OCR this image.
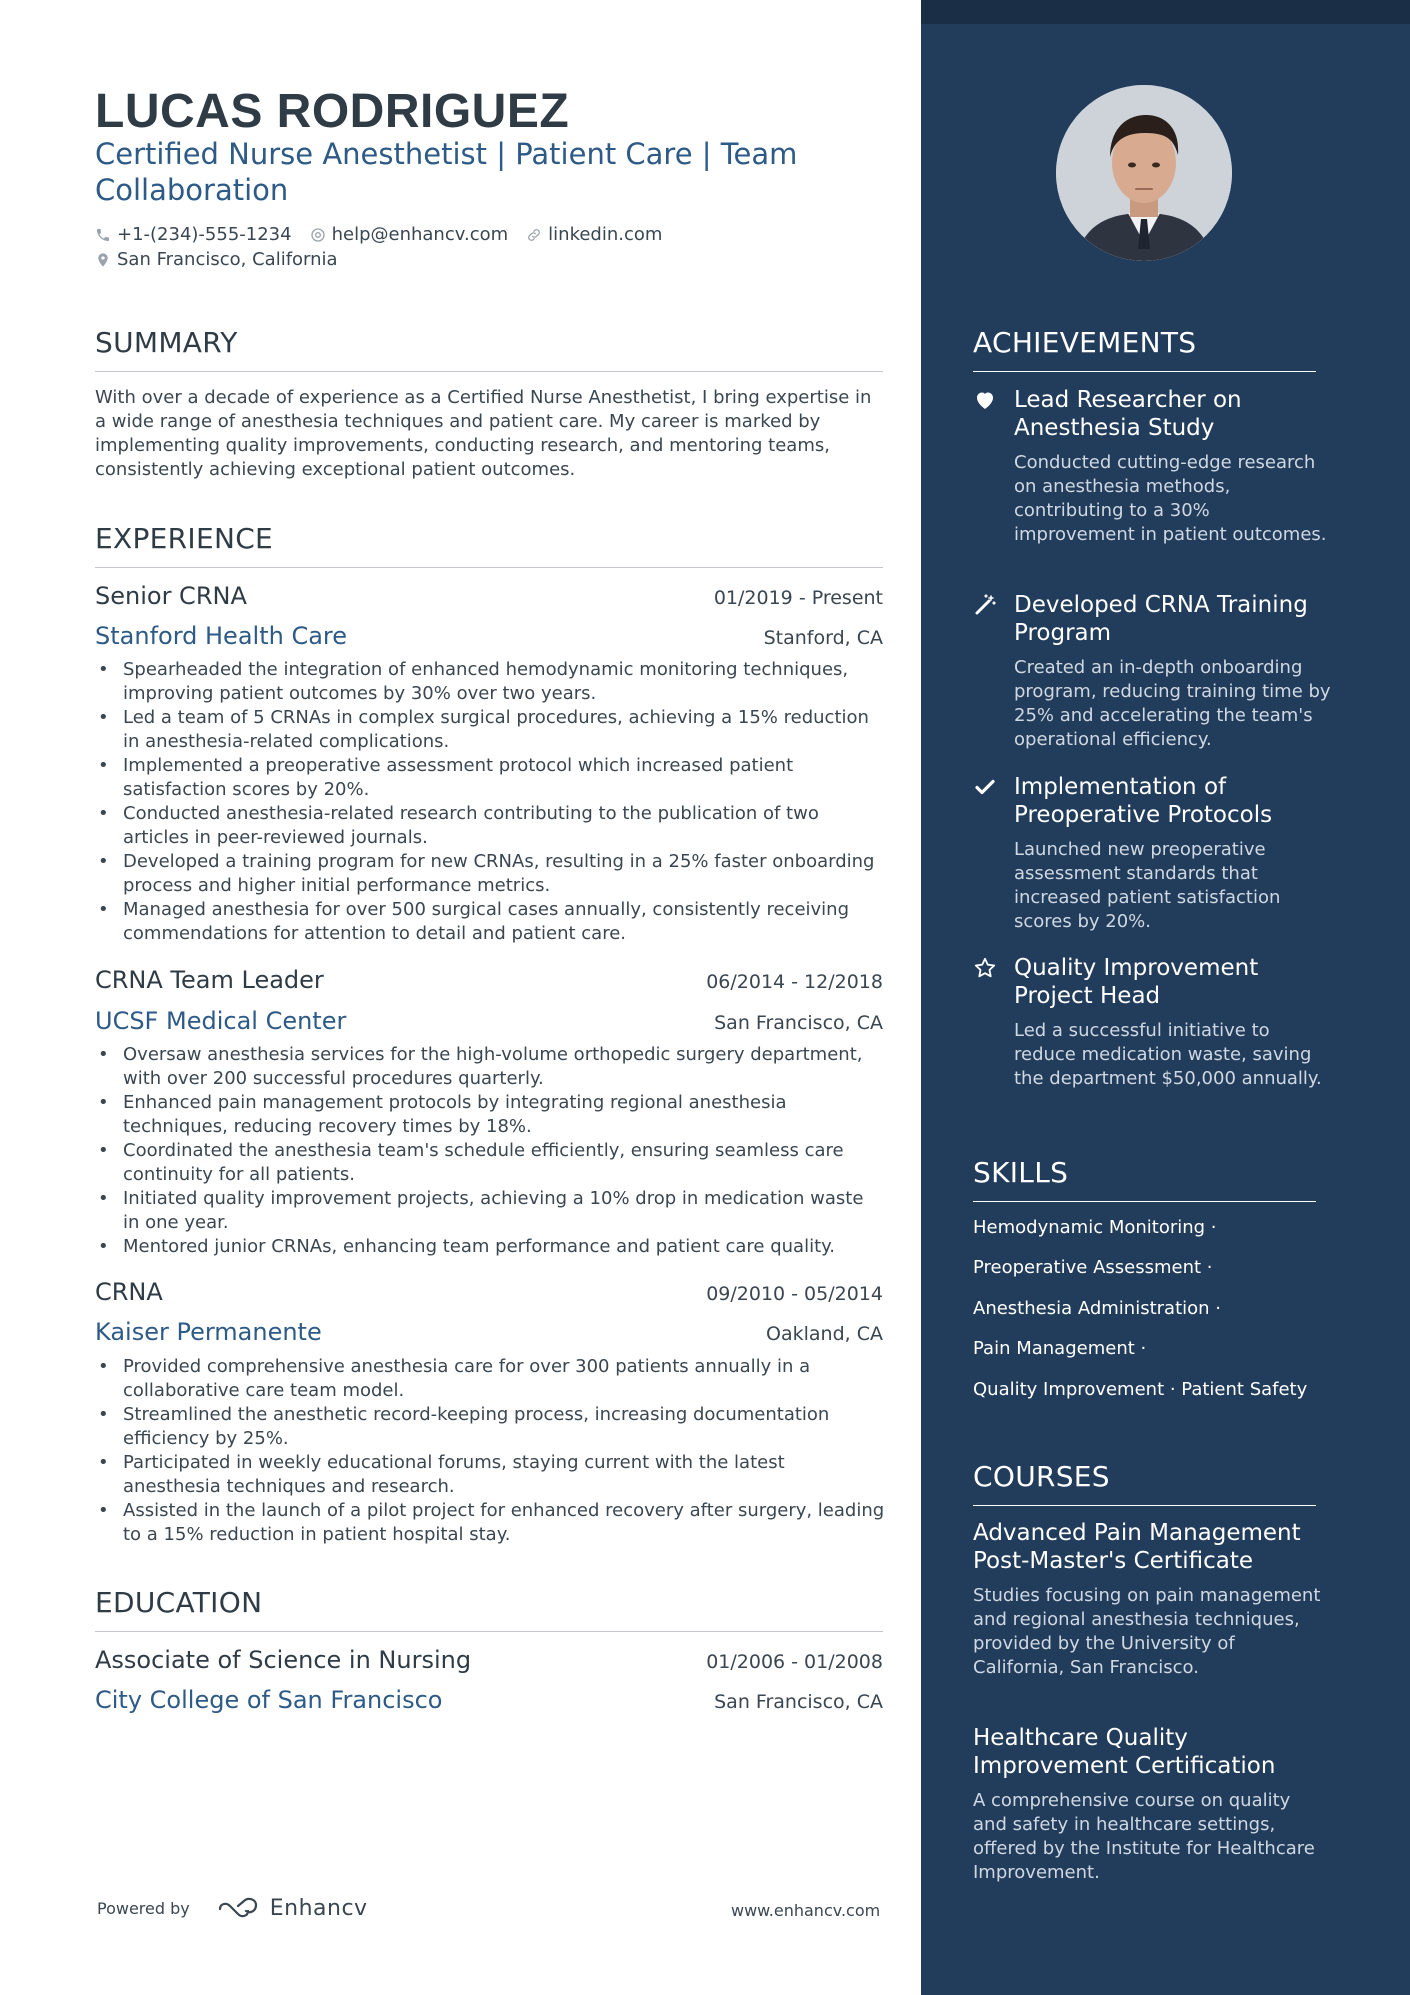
LUCAS RODRIGUEZ
Certified Nurse Anesthetist | Patient Care | Team Collaboration
+1-(234)-555-1234 help@enhancv.com linkedin.com
San Francisco, California
SUMMARY
With over a decade of experience as a Certified Nurse Anesthetist, I bring expertise in a wide range of anesthesia techniques and patient care. My career is marked by implementing quality improvements, conducting research, and mentoring teams, consistently achieving exceptional patient outcomes.
EXPERIENCE
Senior CRNA	01/2019 - Present
Stanford Health Care	Stanford, CA
• Spearheaded the integration of enhanced hemodynamic monitoring techniques, improving patient outcomes by 30% over two years.
• Led a team of 5 CRNAs in complex surgical procedures, achieving a 15% reduction in anesthesia-related complications.
• Implemented a preoperative assessment protocol which increased patient satisfaction scores by 20%.
• Conducted anesthesia-related research contributing to the publication of two articles in peer-reviewed journals.
• Developed a training program for new CRNAs, resulting in a 25% faster onboarding process and higher initial performance metrics.
• Managed anesthesia for over 500 surgical cases annually, consistently receiving commendations for attention to detail and patient care.
CRNA Team Leader	06/2014 - 12/2018
UCSF Medical Center	San Francisco, CA
• Oversaw anesthesia services for the high-volume orthopedic surgery department, with over 200 successful procedures quarterly.
• Enhanced pain management protocols by integrating regional anesthesia techniques, reducing recovery times by 18%.
• Coordinated the anesthesia team's schedule efficiently, ensuring seamless care continuity for all patients.
• Initiated quality improvement projects, achieving a 10% drop in medication waste in one year.
• Mentored junior CRNAs, enhancing team performance and patient care quality.
CRNA	09/2010 - 05/2014
Kaiser Permanente	Oakland, CA
• Provided comprehensive anesthesia care for over 300 patients annually in a collaborative care team model.
• Streamlined the anesthetic record-keeping process, increasing documentation efficiency by 25%.
• Participated in weekly educational forums, staying current with the latest anesthesia techniques and research.
• Assisted in the launch of a pilot project for enhanced recovery after surgery, leading to a 15% reduction in patient hospital stay.
EDUCATION
Associate of Science in Nursing	01/2006 - 01/2008
City College of San Francisco	San Francisco, CA
Powered by	Enhancv	www.enhancv.com
ACHIEVEMENTS
Lead Researcher on Anesthesia Study
Conducted cutting-edge research on anesthesia methods, contributing to a 30% improvement in patient outcomes.
Developed CRNA Training Program
Created an in-depth onboarding program, reducing training time by 25% and accelerating the team's operational efficiency.
Implementation of Preoperative Protocols
Launched new preoperative assessment standards that increased patient satisfaction scores by 20%.
Quality Improvement Project Head
Led a successful initiative to reduce medication waste, saving the department $50,000 annually.
SKILLS
Hemodynamic Monitoring ·
Preoperative Assessment ·
Anesthesia Administration ·
Pain Management ·
Quality Improvement · Patient Safety
COURSES
Advanced Pain Management Post-Master's Certificate
Studies focusing on pain management and regional anesthesia techniques, provided by the University of California, San Francisco.
Healthcare Quality Improvement Certification
A comprehensive course on quality and safety in healthcare settings, offered by the Institute for Healthcare Improvement.
